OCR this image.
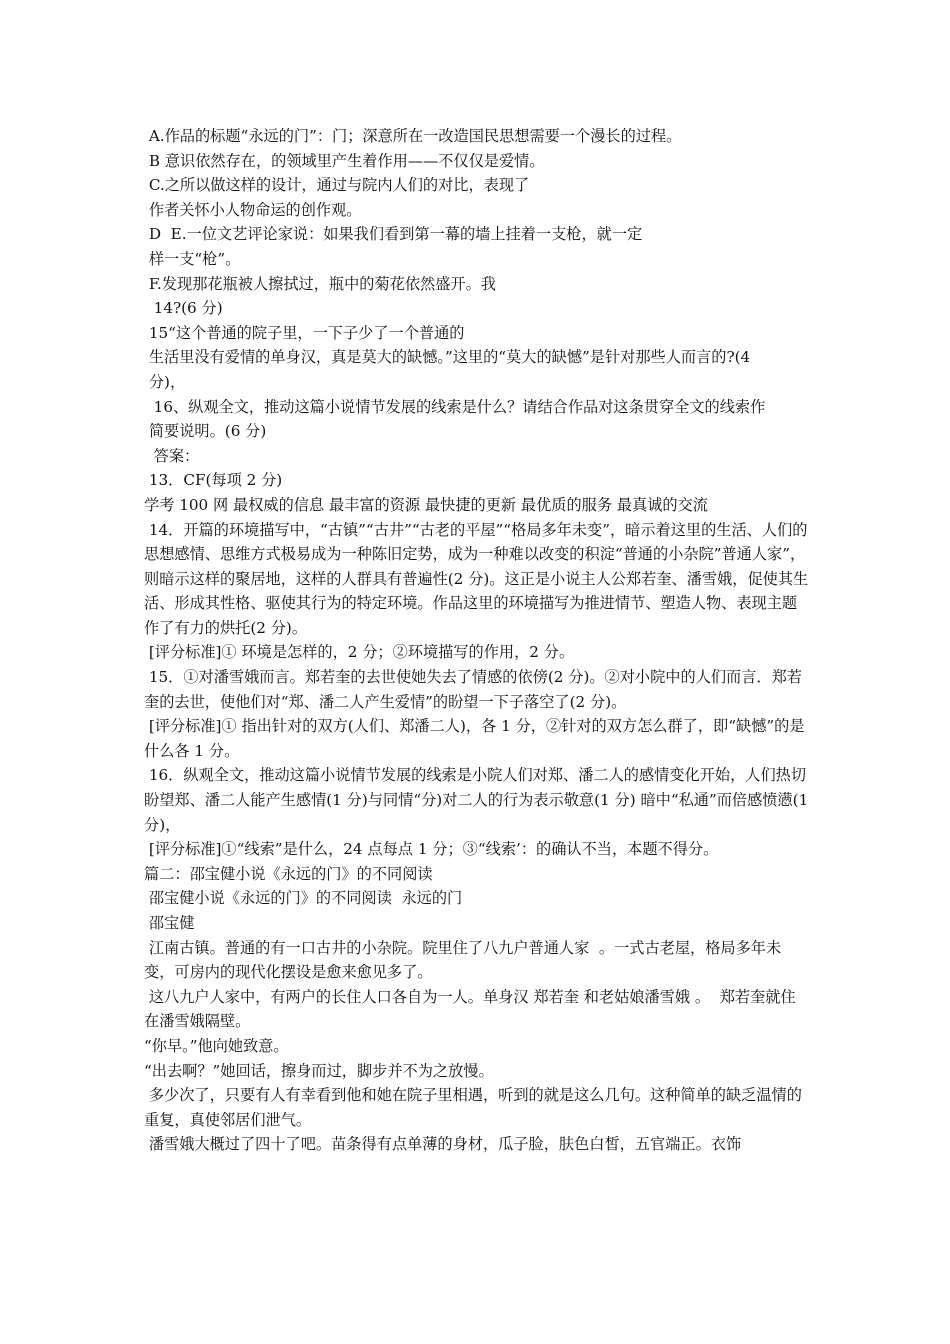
A.作品的标题“永远的门”：门；深意所在一改造国民思想需要一个漫长的过程。

B 意识依然存在，的领域里产生着作用——不仅仅是爱情。

C.之所以做这样的设计，通过与院内人们的对比，表现了

作者关怀小人物命运的创作观。

D  E.一位文艺评论家说：如果我们看到第一幕的墙上挂着一支枪，就一定

样一支“枪”。

F.发现那花瓶被人擦拭过，瓶中的菊花依然盛开。我

14?(6 分)

15“这个普通的院子里，一下子少了一个普通的

生活里没有爱情的单身汉，真是莫大的缺憾。”这里的“莫大的缺憾”是针对那些人而言的?(4

分)，

16、纵观全文，推动这篇小说情节发展的线索是什么？请结合作品对这条贯穿全文的线索作

简要说明。(6 分)

答案：

13．CF(每项 2 分)

学考 100 网 最权威的信息 最丰富的资源 最快捷的更新 最优质的服务 最真诚的交流

14．开篇的环境描写中，“古镇”“古井”“古老的平屋”“格局多年未变”，暗示着这里的生活、人们的思想感情、思维方式极易成为一种陈旧定势，成为一种难以改变的积淀“普通的小杂院”普通人家”，则暗示这样的聚居地，这样的人群具有普遍性(2 分)。这正是小说主人公郑若奎、潘雪娥，促使其生活、形成其性格、驱使其行为的特定环境。作品这里的环境描写为推进情节、塑造人物、表现主题作了有力的烘托(2 分)。

[评分标准]① 环境是怎样的，2 分；②环境描写的作用，2 分。

15．①对潘雪娥而言。郑若奎的去世使她失去了情感的依傍(2 分)。②对小院中的人们而言．郑若奎的去世，使他们对“郑、潘二人产生爱情”的盼望一下子落空了(2 分)。

[评分标准]① 指出针对的双方(人们、郑潘二人)，各 1 分，②针对的双方怎么群了，即“缺憾”的是什么各 1 分。

16．纵观全文，推动这篇小说情节发展的线索是小院人们对郑、潘二人的感情变化开始，人们热切盼望郑、潘二人能产生感情(1 分)与同情“分)对二人的行为表示敬意(1 分) 暗中“私通”而倍感愤懑(1 分)，

[评分标准]①“线索”是什么，24 点每点 1 分；③“线索’：的确认不当，本题不得分。

篇二：邵宝健小说《永远的门》的不同阅读

邵宝健小说《永远的门》的不同阅读  永远的门

邵宝健

江南古镇。普通的有一口古井的小杂院。院里住了八九户普通人家  。一式古老屋，格局多年未变，可房内的现代化摆设是愈来愈见多了。

这八九户人家中，有两户的长住人口各自为一人。单身汉 郑若奎 和老姑娘潘雪娥 。  郑若奎就住在潘雪娥隔壁。

“你早。”他向她致意。

“出去啊？”她回话，擦身而过，脚步并不为之放慢。

多少次了，只要有人有幸看到他和她在院子里相遇，听到的就是这么几句。这种简单的缺乏温情的重复，真使邻居们泄气。

潘雪娥大概过了四十了吧。苗条得有点单薄的身材，瓜子脸，肤色白皙，五官端正。衣饰
